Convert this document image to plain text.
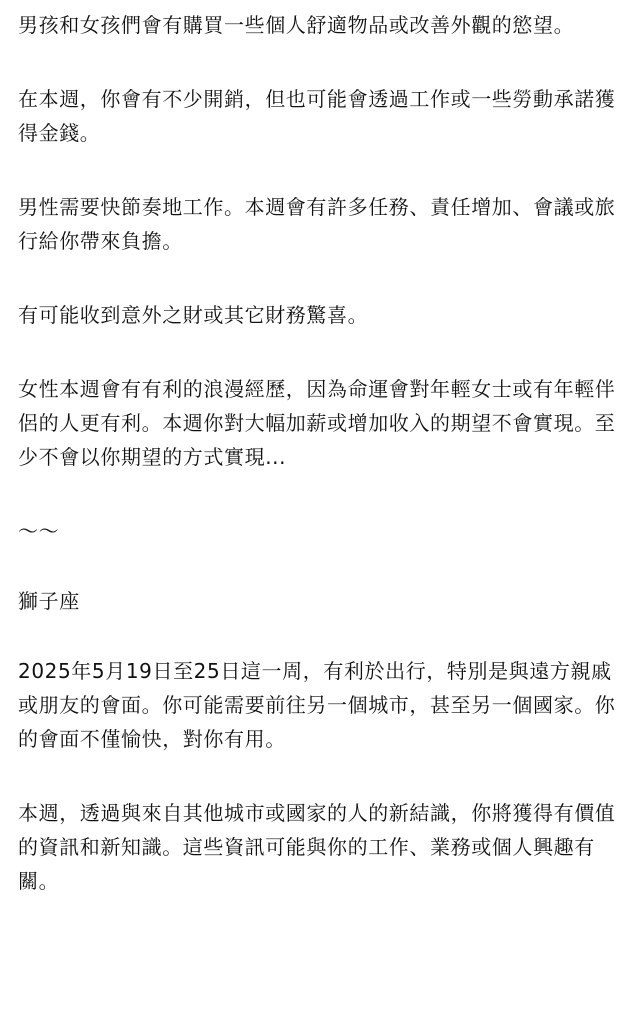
男孩和女孩們會有購買一些個人舒適物品或改善外觀的慾望。

在本週，你會有不少開銷，但也可能會透過工作或一些勞動承諾獲得金錢。

男性需要快節奏地工作。本週會有許多任務、責任增加、會議或旅行給你帶來負擔。

有可能收到意外之財或其它財務驚喜。

女性本週會有有利的浪漫經歷，因為命運會對年輕女士或有年輕伴侶的人更有利。本週你對大幅加薪或增加收入的期望不會實現。至少不會以你期望的方式實現...

～～

獅子座

2025年5月19日至25日這一周，有利於出行，特別是與遠方親戚或朋友的會面。你可能需要前往另一個城市，甚至另一個國家。你的會面不僅愉快，對你有用。

本週，透過與來自其他城市或國家的人的新結識，你將獲得有價值的資訊和新知識。這些資訊可能與你的工作、業務或個人興趣有關。
